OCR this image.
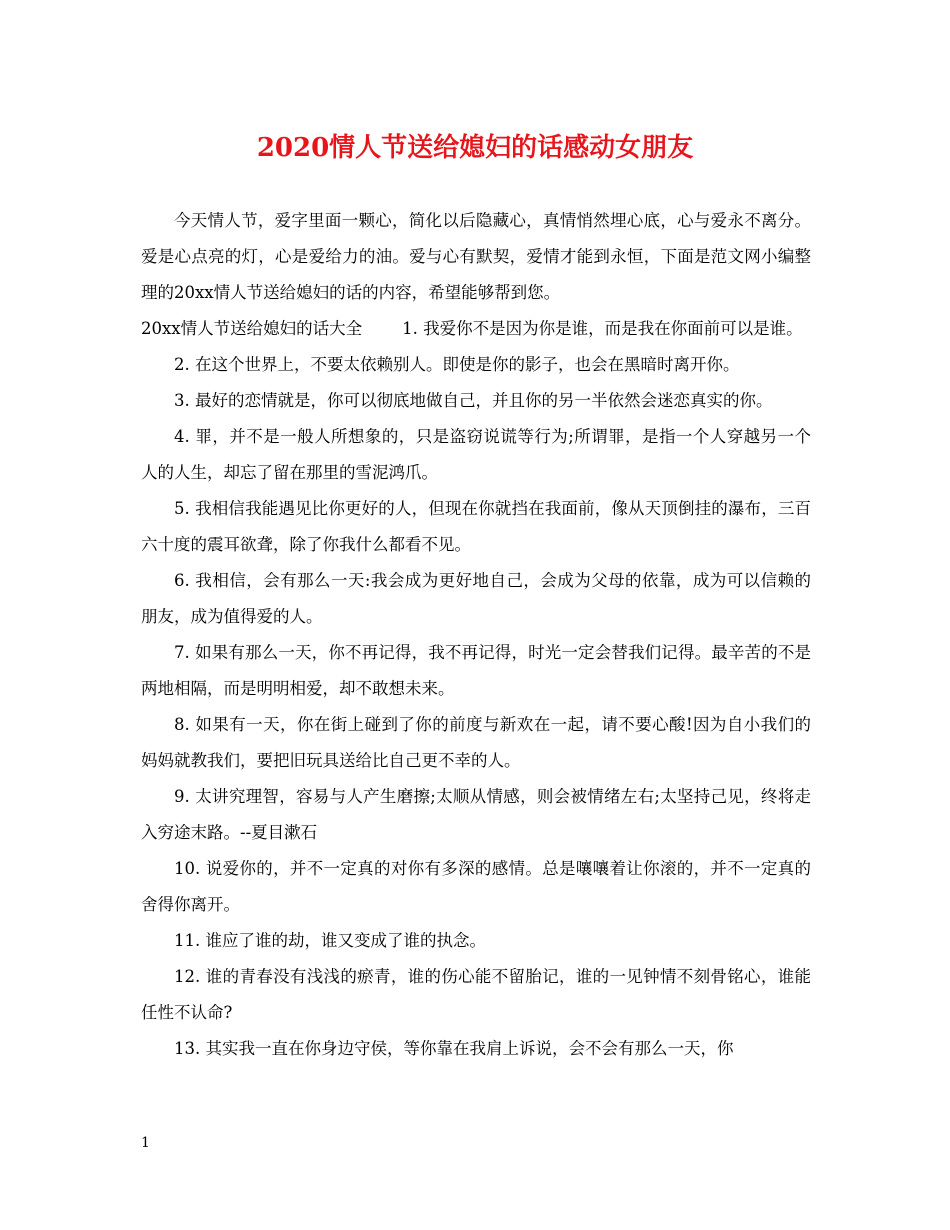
2020情人节送给媳妇的话感动女朋友

今天情人节，爱字里面一颗心，简化以后隐藏心，真情悄然埋心底，心与爱永不离分。爱是心点亮的灯，心是爱给力的油。爱与心有默契，爱情才能到永恒，下面是范文网小编整理的20xx情人节送给媳妇的话的内容，希望能够帮到您。

20xx情人节送给媳妇的话大全 1. 我爱你不是因为你是谁，而是我在你面前可以是谁。

2. 在这个世界上，不要太依赖别人。即使是你的影子，也会在黑暗时离开你。

3. 最好的恋情就是，你可以彻底地做自己，并且你的另一半依然会迷恋真实的你。

4. 罪，并不是一般人所想象的，只是盗窃说谎等行为;所谓罪，是指一个人穿越另一个人的人生，却忘了留在那里的雪泥鸿爪。

5. 我相信我能遇见比你更好的人，但现在你就挡在我面前，像从天顶倒挂的瀑布，三百六十度的震耳欲聋，除了你我什么都看不见。

6. 我相信，会有那么一天:我会成为更好地自己，会成为父母的依靠，成为可以信赖的朋友，成为值得爱的人。

7. 如果有那么一天，你不再记得，我不再记得，时光一定会替我们记得。最辛苦的不是两地相隔，而是明明相爱，却不敢想未来。

8. 如果有一天，你在街上碰到了你的前度与新欢在一起，请不要心酸!因为自小我们的妈妈就教我们，要把旧玩具送给比自己更不幸的人。

9. 太讲究理智，容易与人产生磨擦;太顺从情感，则会被情绪左右;太坚持己见，终将走入穷途末路。--夏目漱石

10. 说爱你的，并不一定真的对你有多深的感情。总是嚷嚷着让你滚的，并不一定真的舍得你离开。

11. 谁应了谁的劫，谁又变成了谁的执念。

12. 谁的青春没有浅浅的瘀青，谁的伤心能不留胎记，谁的一见钟情不刻骨铭心，谁能任性不认命?

13. 其实我一直在你身边守侯，等你靠在我肩上诉说，会不会有那么一天，你

1
